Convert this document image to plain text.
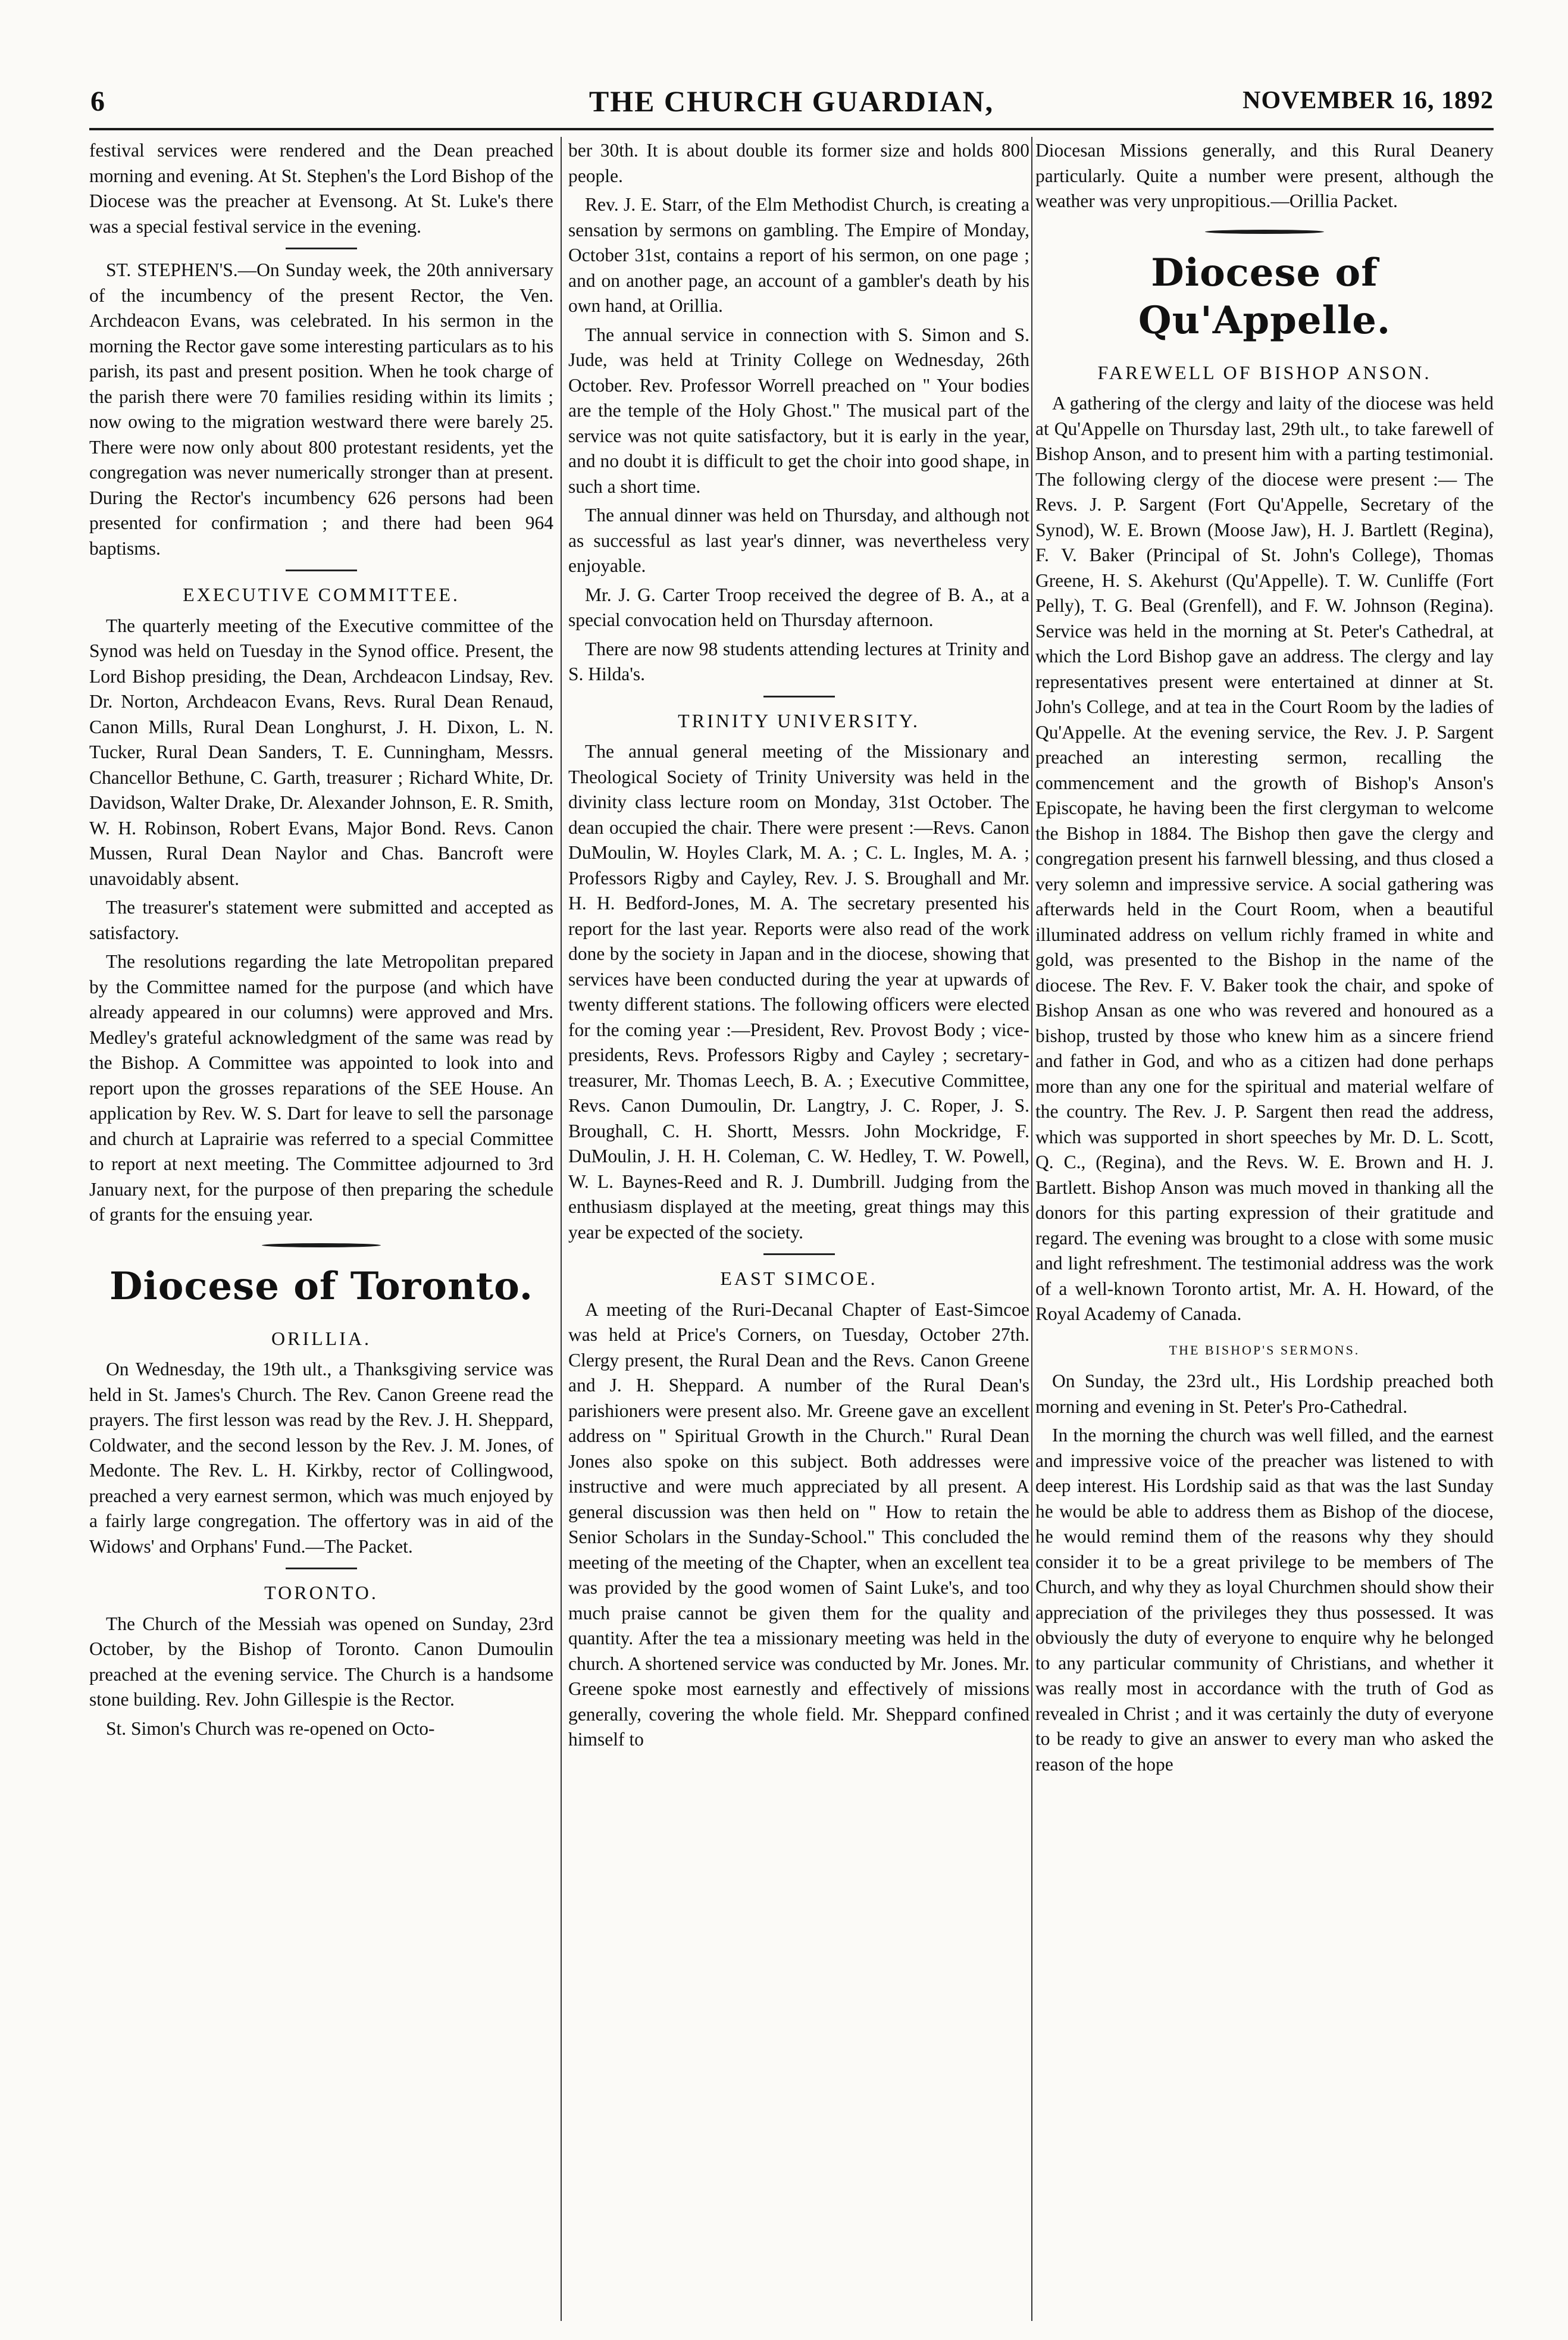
6	THE CHURCH GUARDIAN,	NOVEMBER 16, 1892

festival services were rendered and the Dean preached morning and evening. At St. Stephen's the Lord Bishop of the Diocese was the preacher at Evensong. At St. Luke's there was a special festival service in the evening.

ST. STEPHEN'S.—On Sunday week, the 20th anniversary of the incumbency of the present Rector, the Ven. Archdeacon Evans, was celebrated. In his sermon in the morning the Rector gave some interesting particulars as to his parish, its past and present position. When he took charge of the parish there were 70 families residing within its limits ; now owing to the migration westward there were barely 25. There were now only about 800 protestant residents, yet the congregation was never numerically stronger than at present. During the Rector's incumbency 626 persons had been presented for confirmation ; and there had been 964 baptisms.

EXECUTIVE COMMITTEE.

The quarterly meeting of the Executive committee of the Synod was held on Tuesday in the Synod office. Present, the Lord Bishop presiding, the Dean, Archdeacon Lindsay, Rev. Dr. Norton, Archdeacon Evans, Revs. Rural Dean Renaud, Canon Mills, Rural Dean Longhurst, J. H. Dixon, L. N. Tucker, Rural Dean Sanders, T. E. Cunningham, Messrs. Chancellor Bethune, C. Garth, treasurer ; Richard White, Dr. Davidson, Walter Drake, Dr. Alexander Johnson, E. R. Smith, W. H. Robinson, Robert Evans, Major Bond. Revs. Canon Mussen, Rural Dean Naylor and Chas. Bancroft were unavoidably absent.

The treasurer's statement were submitted and accepted as satisfactory.

The resolutions regarding the late Metropolitan prepared by the Committee named for the purpose (and which have already appeared in our columns) were approved and Mrs. Medley's grateful acknowledgment of the same was read by the Bishop. A Committee was appointed to look into and report upon the grosses reparations of the SEE House. An application by Rev. W. S. Dart for leave to sell the parsonage and church at Laprairie was referred to a special Committee to report at next meeting. The Committee adjourned to 3rd January next, for the purpose of then preparing the schedule of grants for the ensuing year.

Diocese of Toronto.
ORILLIA.

On Wednesday, the 19th ult., a Thanksgiving service was held in St. James's Church. The Rev. Canon Greene read the prayers. The first lesson was read by the Rev. J. H. Sheppard, Coldwater, and the second lesson by the Rev. J. M. Jones, of Medonte. The Rev. L. H. Kirkby, rector of Collingwood, preached a very earnest sermon, which was much enjoyed by a fairly large congregation. The offertory was in aid of the Widows' and Orphans' Fund.—The Packet.

TORONTO.

The Church of the Messiah was opened on Sunday, 23rd October, by the Bishop of Toronto. Canon Dumoulin preached at the evening service. The Church is a handsome stone building. Rev. John Gillespie is the Rector.

St. Simon's Church was re-opened on Octo-

ber 30th. It is about double its former size and holds 800 people.

Rev. J. E. Starr, of the Elm Methodist Church, is creating a sensation by sermons on gambling. The Empire of Monday, October 31st, contains a report of his sermon, on one page ; and on another page, an account of a gambler's death by his own hand, at Orillia.

The annual service in connection with S. Simon and S. Jude, was held at Trinity College on Wednesday, 26th October. Rev. Professor Worrell preached on " Your bodies are the temple of the Holy Ghost." The musical part of the service was not quite satisfactory, but it is early in the year, and no doubt it is difficult to get the choir into good shape, in such a short time.

The annual dinner was held on Thursday, and although not as successful as last year's dinner, was nevertheless very enjoyable.

Mr. J. G. Carter Troop received the degree of B. A., at a special convocation held on Thursday afternoon.

There are now 98 students attending lectures at Trinity and S. Hilda's.

TRINITY UNIVERSITY.

The annual general meeting of the Missionary and Theological Society of Trinity University was held in the divinity class lecture room on Monday, 31st October. The dean occupied the chair. There were present :—Revs. Canon DuMoulin, W. Hoyles Clark, M. A. ; C. L. Ingles, M. A. ; Professors Rigby and Cayley, Rev. J. S. Broughall and Mr. H. H. Bedford-Jones, M. A. The secretary presented his report for the last year. Reports were also read of the work done by the society in Japan and in the diocese, showing that services have been conducted during the year at upwards of twenty different stations. The following officers were elected for the coming year :—President, Rev. Provost Body ; vice-presidents, Revs. Professors Rigby and Cayley ; secretary-treasurer, Mr. Thomas Leech, B. A. ; Executive Committee, Revs. Canon Dumoulin, Dr. Langtry, J. C. Roper, J. S. Broughall, C. H. Shortt, Messrs. John Mockridge, F. DuMoulin, J. H. H. Coleman, C. W. Hedley, T. W. Powell, W. L. Baynes-Reed and R. J. Dumbrill. Judging from the enthusiasm displayed at the meeting, great things may this year be expected of the society.

EAST SIMCOE.

A meeting of the Ruri-Decanal Chapter of East-Simcoe was held at Price's Corners, on Tuesday, October 27th. Clergy present, the Rural Dean and the Revs. Canon Greene and J. H. Sheppard. A number of the Rural Dean's parishioners were present also. Mr. Greene gave an excellent address on " Spiritual Growth in the Church." Rural Dean Jones also spoke on this subject. Both addresses were instructive and were much appreciated by all present. A general discussion was then held on " How to retain the Senior Scholars in the Sunday-School." This concluded the meeting of the meeting of the Chapter, when an excellent tea was provided by the good women of Saint Luke's, and too much praise cannot be given them for the quality and quantity. After the tea a missionary meeting was held in the church. A shortened service was conducted by Mr. Jones. Mr. Greene spoke most earnestly and effectively of missions generally, covering the whole field. Mr. Sheppard confined himself to

Diocesan Missions generally, and this Rural Deanery particularly. Quite a number were present, although the weather was very unpropitious.—Orillia Packet.

Diocese of Qu'Appelle.
FAREWELL OF BISHOP ANSON.

A gathering of the clergy and laity of the diocese was held at Qu'Appelle on Thursday last, 29th ult., to take farewell of Bishop Anson, and to present him with a parting testimonial. The following clergy of the diocese were present :— The Revs. J. P. Sargent (Fort Qu'Appelle, Secretary of the Synod), W. E. Brown (Moose Jaw), H. J. Bartlett (Regina), F. V. Baker (Principal of St. John's College), Thomas Greene, H. S. Akehurst (Qu'Appelle). T. W. Cunliffe (Fort Pelly), T. G. Beal (Grenfell), and F. W. Johnson (Regina). Service was held in the morning at St. Peter's Cathedral, at which the Lord Bishop gave an address. The clergy and lay representatives present were entertained at dinner at St. John's College, and at tea in the Court Room by the ladies of Qu'Appelle. At the evening service, the Rev. J. P. Sargent preached an interesting sermon, recalling the commencement and the growth of Bishop's Anson's Episcopate, he having been the first clergyman to welcome the Bishop in 1884. The Bishop then gave the clergy and congregation present his farnwell blessing, and thus closed a very solemn and impressive service. A social gathering was afterwards held in the Court Room, when a beautiful illuminated address on vellum richly framed in white and gold, was presented to the Bishop in the name of the diocese. The Rev. F. V. Baker took the chair, and spoke of Bishop Ansan as one who was revered and honoured as a bishop, trusted by those who knew him as a sincere friend and father in God, and who as a citizen had done perhaps more than any one for the spiritual and material welfare of the country. The Rev. J. P. Sargent then read the address, which was supported in short speeches by Mr. D. L. Scott, Q. C., (Regina), and the Revs. W. E. Brown and H. J. Bartlett. Bishop Anson was much moved in thanking all the donors for this parting expression of their gratitude and regard. The evening was brought to a close with some music and light refreshment. The testimonial address was the work of a well-known Toronto artist, Mr. A. H. Howard, of the Royal Academy of Canada.

THE BISHOP'S SERMONS.

On Sunday, the 23rd ult., His Lordship preached both morning and evening in St. Peter's Pro-Cathedral.

In the morning the church was well filled, and the earnest and impressive voice of the preacher was listened to with deep interest. His Lordship said as that was the last Sunday he would be able to address them as Bishop of the diocese, he would remind them of the reasons why they should consider it to be a great privilege to be members of The Church, and why they as loyal Churchmen should show their appreciation of the privileges they thus possessed. It was obviously the duty of everyone to enquire why he belonged to any particular community of Christians, and whether it was really most in accordance with the truth of God as revealed in Christ ; and it was certainly the duty of everyone to be ready to give an answer to every man who asked the reason of the hope
